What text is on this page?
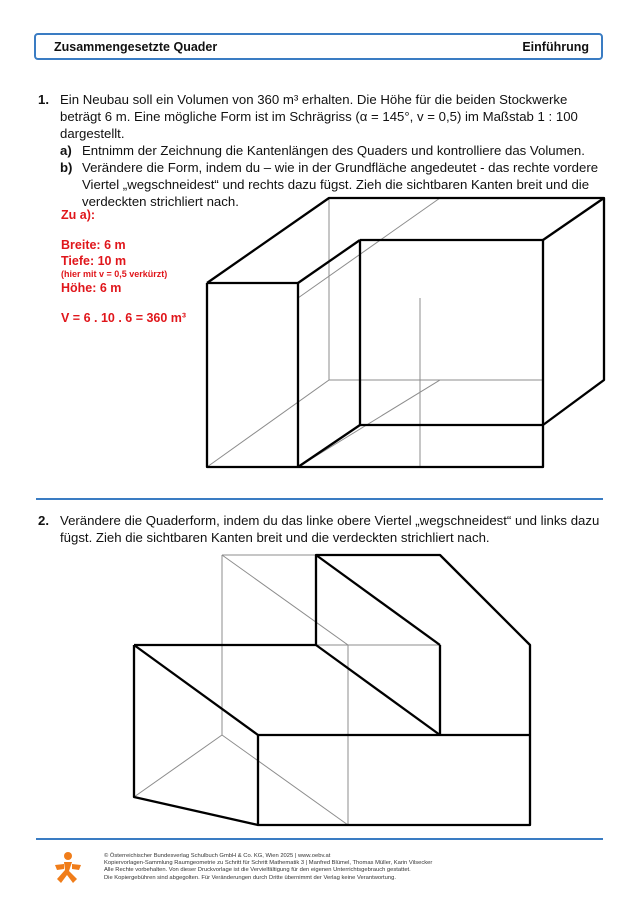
Zusammengesetzte Quader	Einführung
1. Ein Neubau soll ein Volumen von 360 m³ erhalten. Die Höhe für die beiden Stockwerke beträgt 6 m. Eine mögliche Form ist im Schrägriss (α = 145°, v = 0,5) im Maßstab 1 : 100 dargestellt.
a) Entnimm der Zeichnung die Kantenlängen des Quaders und kontrolliere das Volumen.
b) Verändere die Form, indem du – wie in der Grundfläche angedeutet - das rechte vordere Viertel „wegschneidest“ und rechts dazu fügst. Zieh die sichtbaren Kanten breit und die verdeckten strichliert nach.
Zu a):
Breite: 6 m
Tiefe: 10 m
(hier mit v = 0,5 verkürzt)
Höhe: 6 m
V = 6 . 10 . 6 = 360 m³
2. Verändere die Quaderform, indem du das linke obere Viertel „wegschneidest“ und links dazu fügst. Zieh die sichtbaren Kanten breit und die verdeckten strichliert nach.
© Österreichischer Bundesverlag Schulbuch GmbH & Co. KG, Wien 2025 | www.oebv.at
Kopiervorlagen-Sammlung Raumgeometrie zu Schritt für Schritt Mathematik 3 | Manfred Blümel, Thomas Müller, Karin Vilsecker
Alle Rechte vorbehalten. Von dieser Druckvorlage ist die Vervielfältigung für den eigenen Unterrichtsgebrauch gestattet.
Die Kopiergebühren sind abgegolten. Für Veränderungen durch Dritte übernimmt der Verlag keine Verantwortung.
